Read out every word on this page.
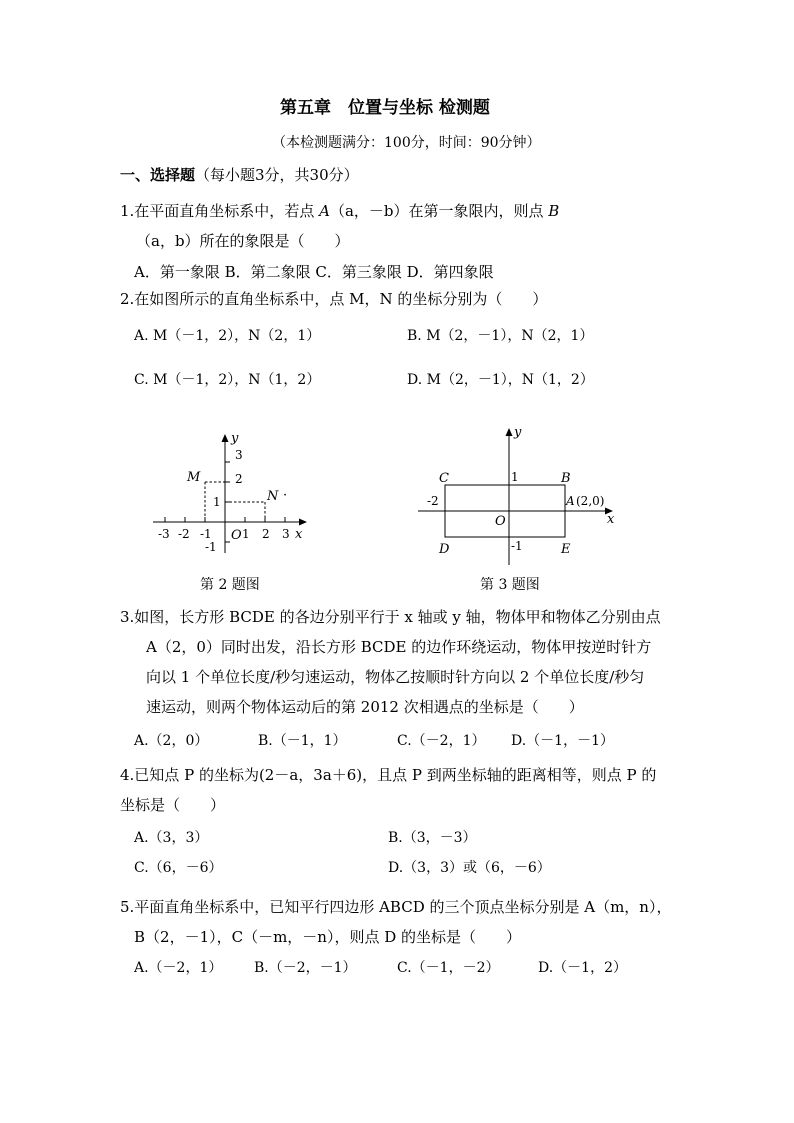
第五章　位置与坐标 检测题
（本检测题满分：100分，时间：90分钟）
一、选择题（每小题3分，共30分）
1.在平面直角坐标系中，若点 A（a，－b）在第一象限内，则点 B
（a，b）所在的象限是（　　）
A．第一象限 B．第二象限 C．第三象限 D．第四象限
2.在如图所示的直角坐标系中，点 M，N 的坐标分别为（　　）
A. M（－1，2），N（2，1）	B. M（2，－1），N（2，1）
C. M（－1，2），N（1，2）	D. M（2，－1），N（1，2）
y
x
O
M
N ·
-3 -2 -1	1 2 3
3
2
1
-1
第 2 题图
y
x
O
C	B
D	E
A (2,0)
1
-2
-1
第 3 题图
3.如图，长方形 BCDE 的各边分别平行于 x 轴或 y 轴，物体甲和物体乙分别由点
A（2，0）同时出发，沿长方形 BCDE 的边作环绕运动，物体甲按逆时针方
向以 1 个单位长度/秒匀速运动，物体乙按顺时针方向以 2 个单位长度/秒匀
速运动，则两个物体运动后的第 2012 次相遇点的坐标是（　　）
A.（2，0）	B.（－1，1）	C.（－2，1） D.（－1，－1）
4.已知点 P 的坐标为(2－a，3a＋6)，且点 P 到两坐标轴的距离相等，则点 P 的
坐标是（　　）
A.（3，3）	B.（3，－3）
C.（6，－6）	D.（3，3）或（6，－6）
5.平面直角坐标系中，已知平行四边形 ABCD 的三个顶点坐标分别是 A（m，n），
B（2，－1），C（－m，－n），则点 D 的坐标是（　　）
A.（－2，1） B.（－2，－1）	C.（－1，－2）	D.（－1，2）
